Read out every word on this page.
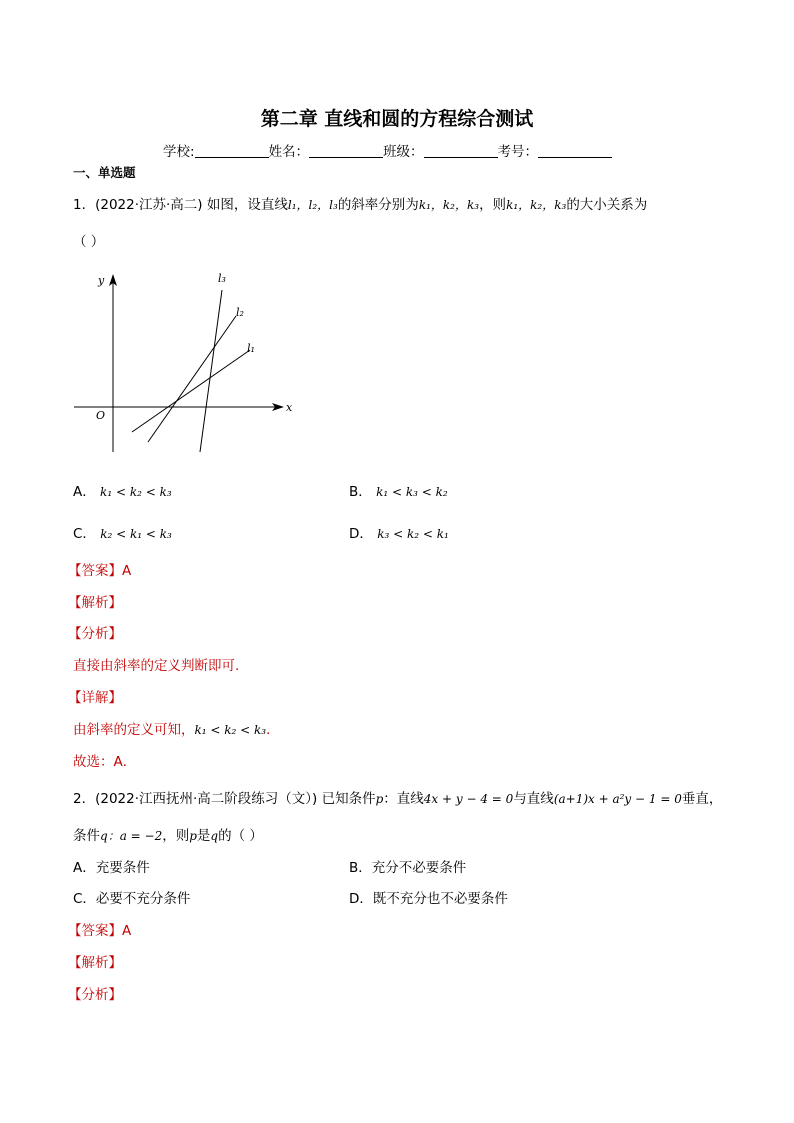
第二章 直线和圆的方程综合测试
学校:	姓名：	班级：	考号：
一、单选题
1．(2022·江苏·高二) 如图，设直线l₁，l₂，l₃的斜率分别为k₁，k₂，k₃，则k₁，k₂，k₃的大小关系为
（ ）
y
x
O
l₁
l₂
l₃
A． k₁ < k₂ < k₃	B． k₁ < k₃ < k₂
C． k₂ < k₁ < k₃	D． k₃ < k₂ < k₁
【答案】A
【解析】
【分析】
直接由斜率的定义判断即可.
【详解】
由斜率的定义可知，k₁ < k₂ < k₃.
故选：A．
2．(2022·江西抚州·高二阶段练习（文）) 已知条件p：直线4x + y − 4 = 0与直线(a+1)x + a²y − 1 = 0垂直，
条件q：a = −2，则p是q的（ ）
A．充要条件	B．充分不必要条件
C．必要不充分条件	D．既不充分也不必要条件
【答案】A
【解析】
【分析】
